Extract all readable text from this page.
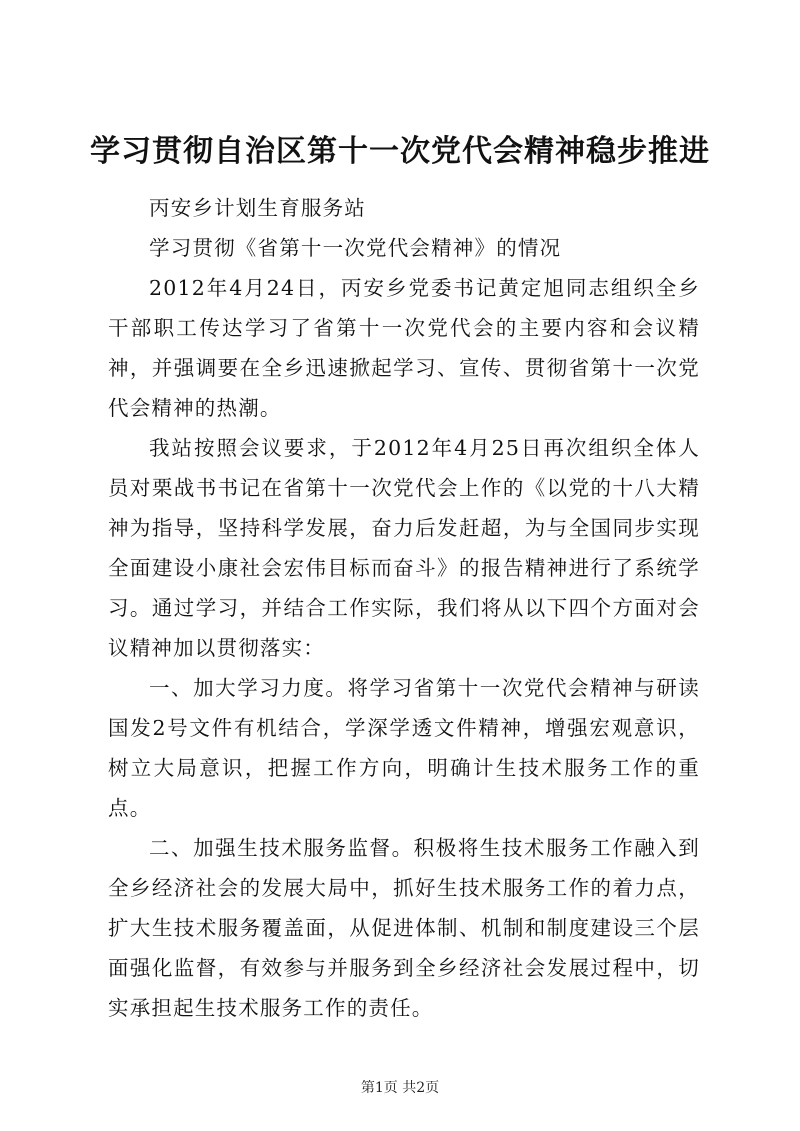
学习贯彻自治区第十一次党代会精神稳步推进

丙安乡计划生育服务站

学习贯彻《省第十一次党代会精神》的情况

2012年4月24日，丙安乡党委书记黄定旭同志组织全乡干部职工传达学习了省第十一次党代会的主要内容和会议精神，并强调要在全乡迅速掀起学习、宣传、贯彻省第十一次党代会精神的热潮。

我站按照会议要求，于2012年4月25日再次组织全体人员对栗战书书记在省第十一次党代会上作的《以党的十八大精神为指导，坚持科学发展，奋力后发赶超，为与全国同步实现全面建设小康社会宏伟目标而奋斗》的报告精神进行了系统学习。通过学习，并结合工作实际，我们将从以下四个方面对会议精神加以贯彻落实：

一、加大学习力度。将学习省第十一次党代会精神与研读国发2号文件有机结合，学深学透文件精神，增强宏观意识，树立大局意识，把握工作方向，明确计生技术服务工作的重点。

二、加强生技术服务监督。积极将生技术服务工作融入到全乡经济社会的发展大局中，抓好生技术服务工作的着力点，扩大生技术服务覆盖面，从促进体制、机制和制度建设三个层面强化监督，有效参与并服务到全乡经济社会发展过程中，切实承担起生技术服务工作的责任。

第1页 共2页
